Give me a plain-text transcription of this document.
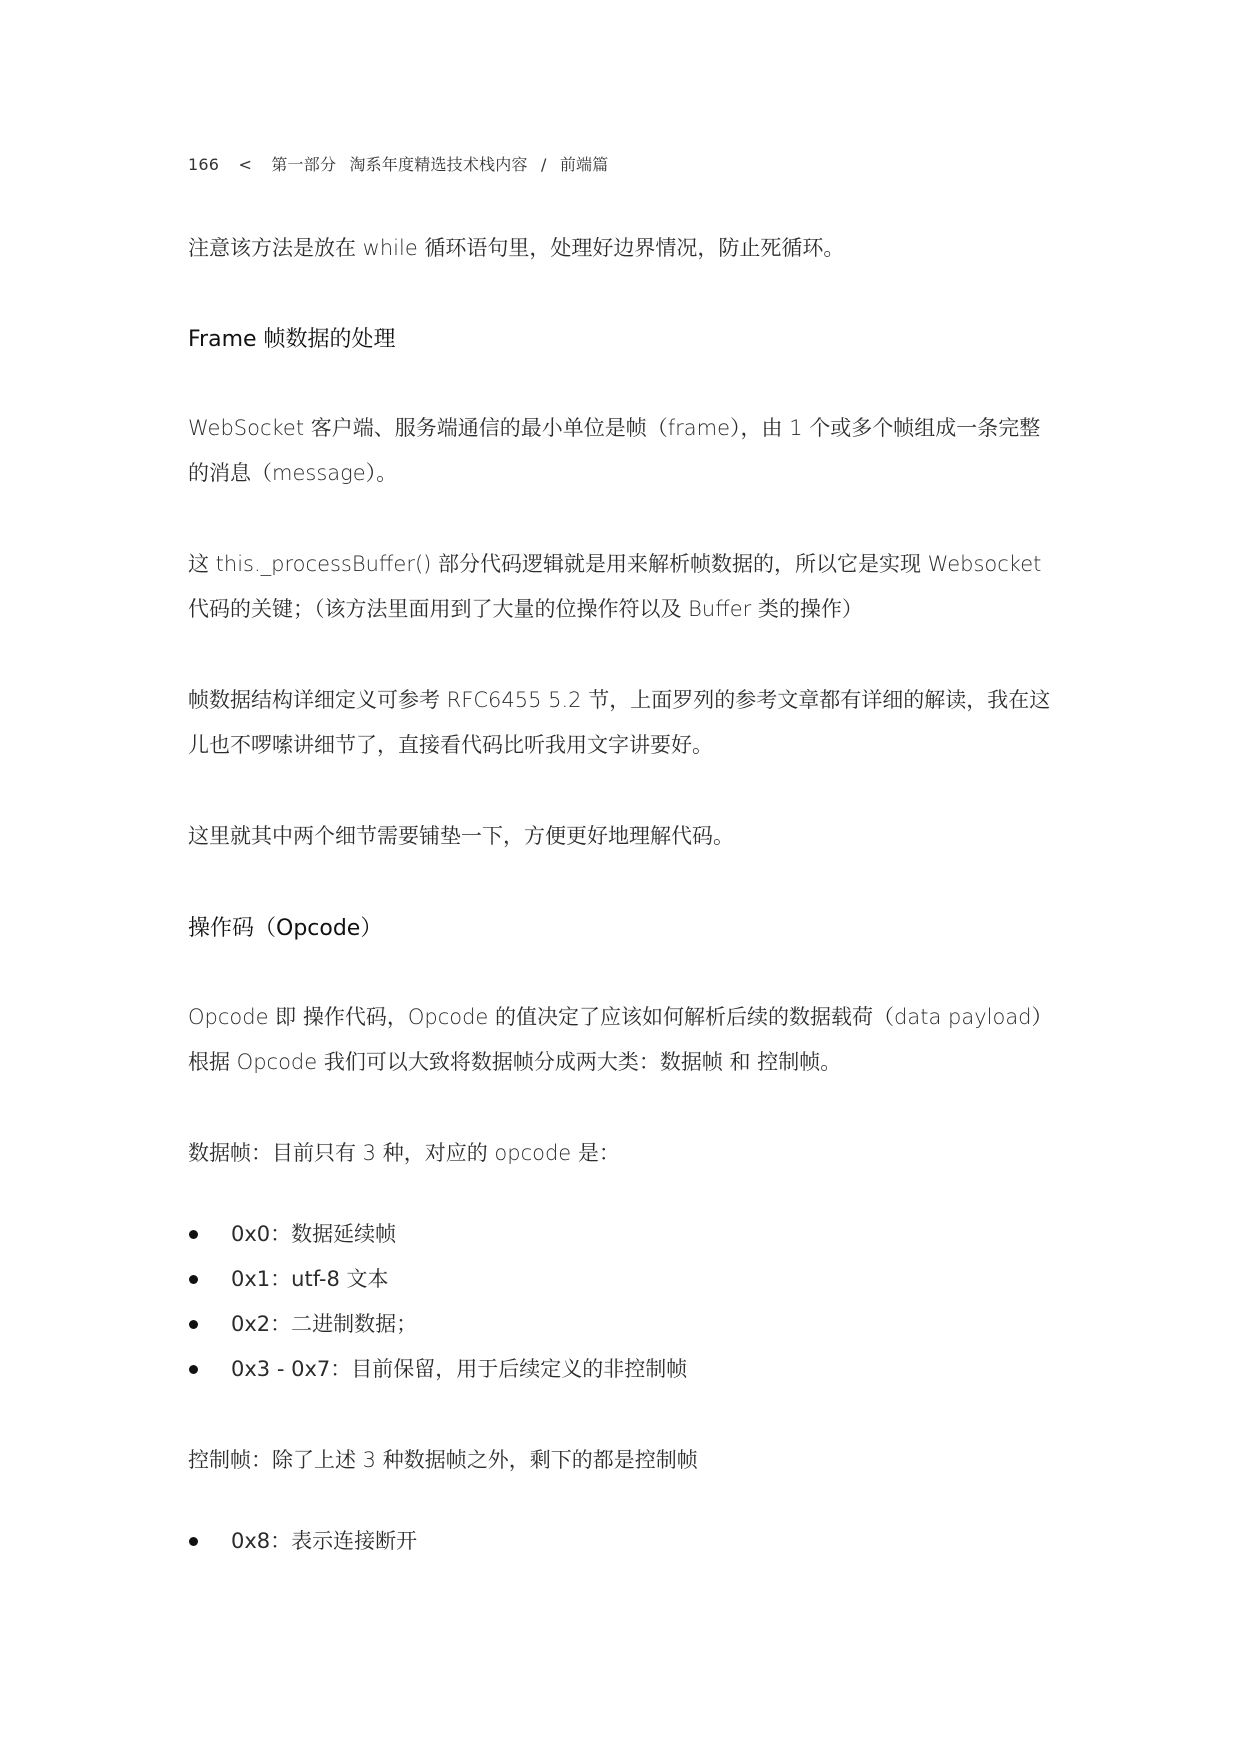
166 < 第一部分 淘系年度精选技术栈内容 / 前端篇
注意该方法是放在 while 循环语句里，处理好边界情况，防止死循环。
Frame 帧数据的处理
WebSocket 客户端、服务端通信的最小单位是帧（frame），由 1 个或多个帧组成一条完整的消息（message）。
这 this._processBuffer() 部分代码逻辑就是用来解析帧数据的，所以它是实现 Websocket 代码的关键；（该方法里面用到了大量的位操作符以及 Buffer 类的操作）
帧数据结构详细定义可参考 RFC6455 5.2 节，上面罗列的参考文章都有详细的解读，我在这儿也不啰嗦讲细节了，直接看代码比听我用文字讲要好。
这里就其中两个细节需要铺垫一下，方便更好地理解代码。
操作码（Opcode）
Opcode 即 操作代码，Opcode 的值决定了应该如何解析后续的数据载荷（data payload）根据 Opcode 我们可以大致将数据帧分成两大类：数据帧 和 控制帧。
数据帧：目前只有 3 种，对应的 opcode 是：
0x0：数据延续帧
0x1：utf-8 文本
0x2：二进制数据；
0x3 - 0x7：目前保留，用于后续定义的非控制帧
控制帧：除了上述 3 种数据帧之外，剩下的都是控制帧
0x8：表示连接断开
